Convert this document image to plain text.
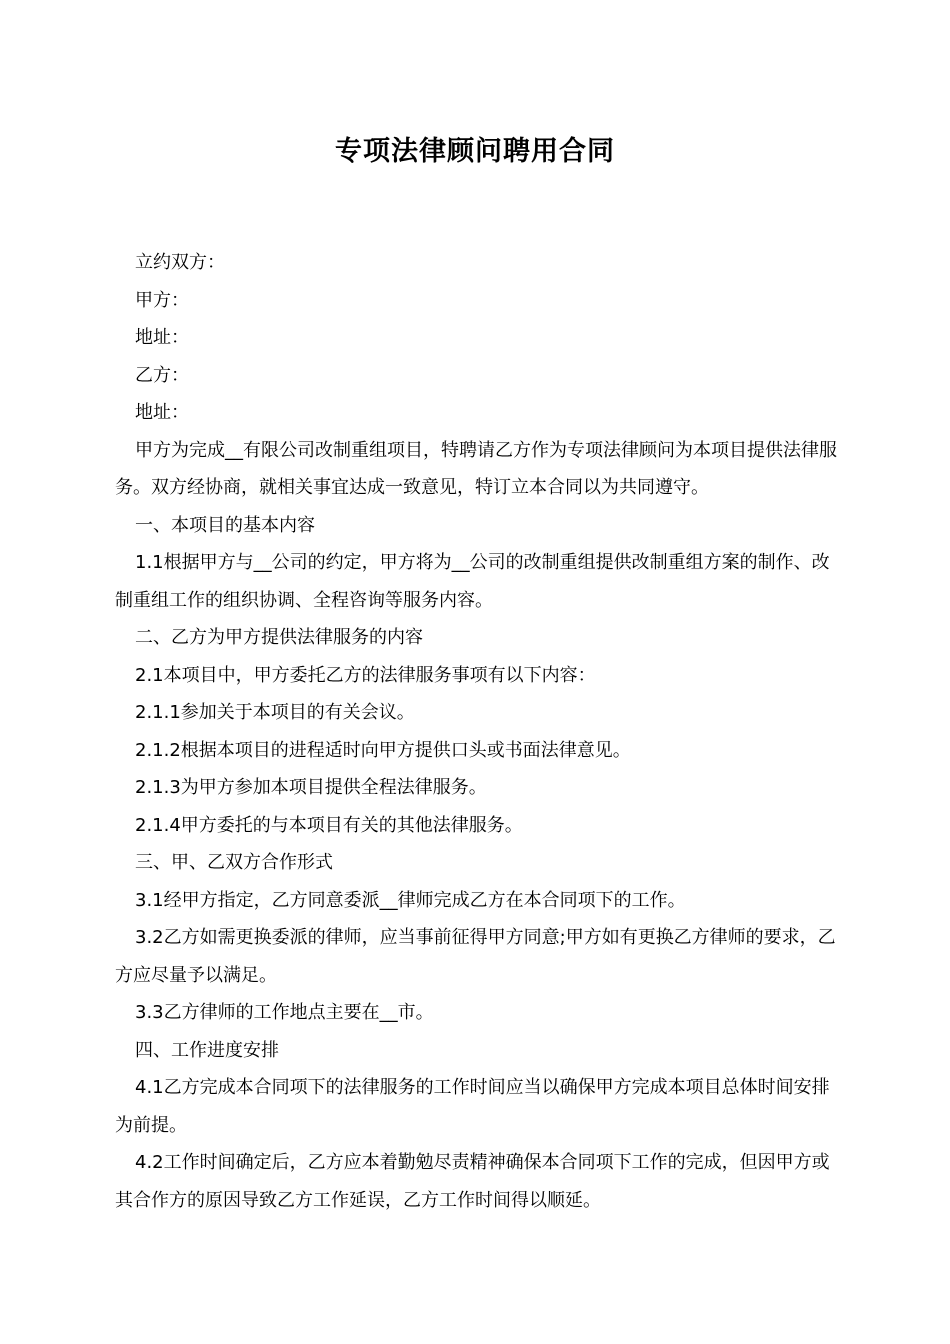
专项法律顾问聘用合同

立约双方：

甲方：

地址：

乙方：

地址：

甲方为完成__有限公司改制重组项目，特聘请乙方作为专项法律顾问为本项目提供法律服务。双方经协商，就相关事宜达成一致意见，特订立本合同以为共同遵守。

一、本项目的基本内容

1.1根据甲方与__公司的约定，甲方将为__公司的改制重组提供改制重组方案的制作、改制重组工作的组织协调、全程咨询等服务内容。

二、乙方为甲方提供法律服务的内容

2.1本项目中，甲方委托乙方的法律服务事项有以下内容：

2.1.1参加关于本项目的有关会议。

2.1.2根据本项目的进程适时向甲方提供口头或书面法律意见。

2.1.3为甲方参加本项目提供全程法律服务。

2.1.4甲方委托的与本项目有关的其他法律服务。

三、甲、乙双方合作形式

3.1经甲方指定，乙方同意委派__律师完成乙方在本合同项下的工作。

3.2乙方如需更换委派的律师，应当事前征得甲方同意;甲方如有更换乙方律师的要求，乙方应尽量予以满足。

3.3乙方律师的工作地点主要在__市。

四、工作进度安排

4.1乙方完成本合同项下的法律服务的工作时间应当以确保甲方完成本项目总体时间安排为前提。

4.2工作时间确定后，乙方应本着勤勉尽责精神确保本合同项下工作的完成，但因甲方或其合作方的原因导致乙方工作延误，乙方工作时间得以顺延。
